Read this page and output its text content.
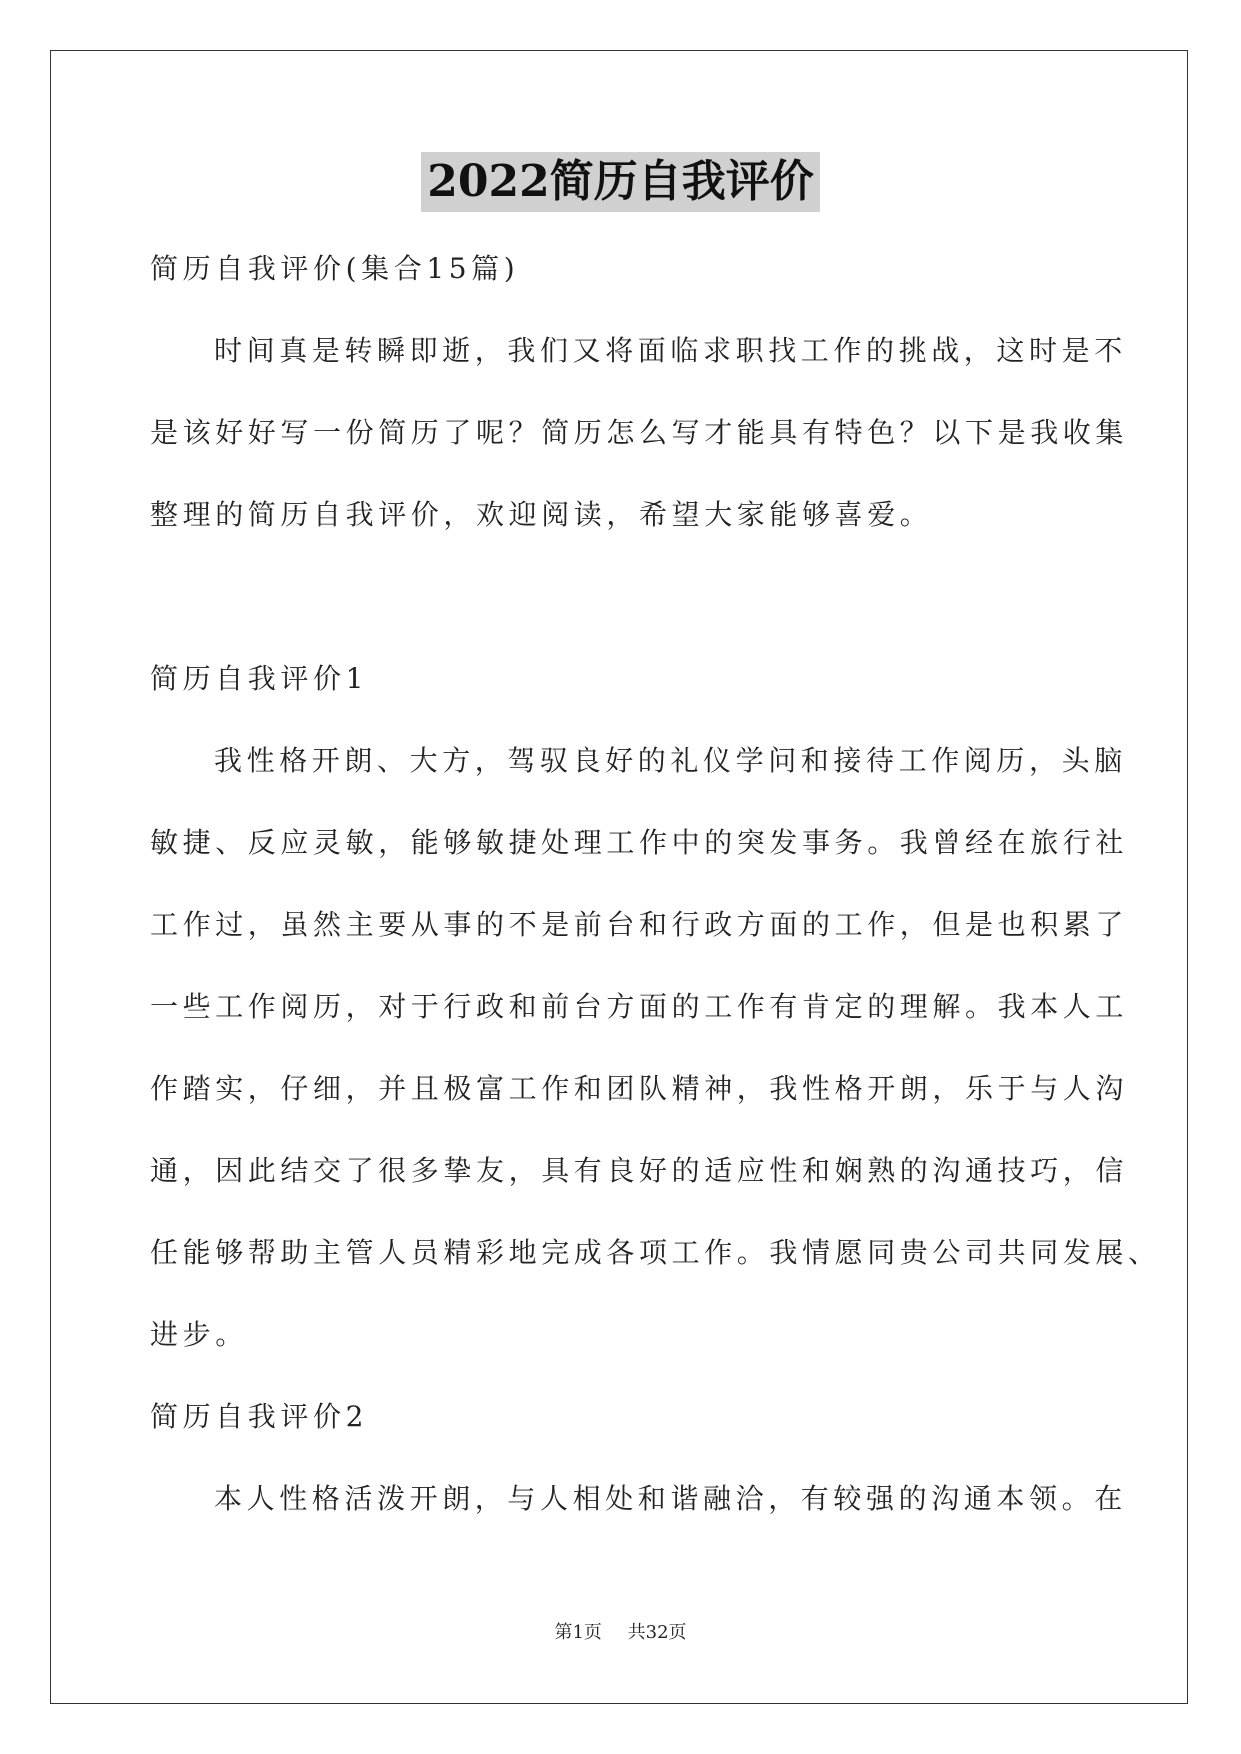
2022简历自我评价
简历自我评价(集合15篇)
时间真是转瞬即逝，我们又将面临求职找工作的挑战，这时是不
是该好好写一份简历了呢？简历怎么写才能具有特色？以下是我收集
整理的简历自我评价，欢迎阅读，希望大家能够喜爱。
简历自我评价1
我性格开朗、大方，驾驭良好的礼仪学问和接待工作阅历，头脑
敏捷、反应灵敏，能够敏捷处理工作中的突发事务。我曾经在旅行社
工作过，虽然主要从事的不是前台和行政方面的工作，但是也积累了
一些工作阅历，对于行政和前台方面的工作有肯定的理解。我本人工
作踏实，仔细，并且极富工作和团队精神，我性格开朗，乐于与人沟
通，因此结交了很多挚友，具有良好的适应性和娴熟的沟通技巧，信
任能够帮助主管人员精彩地完成各项工作。我情愿同贵公司共同发展、
进步。
简历自我评价2
本人性格活泼开朗，与人相处和谐融洽，有较强的沟通本领。在
第1页 共32页
